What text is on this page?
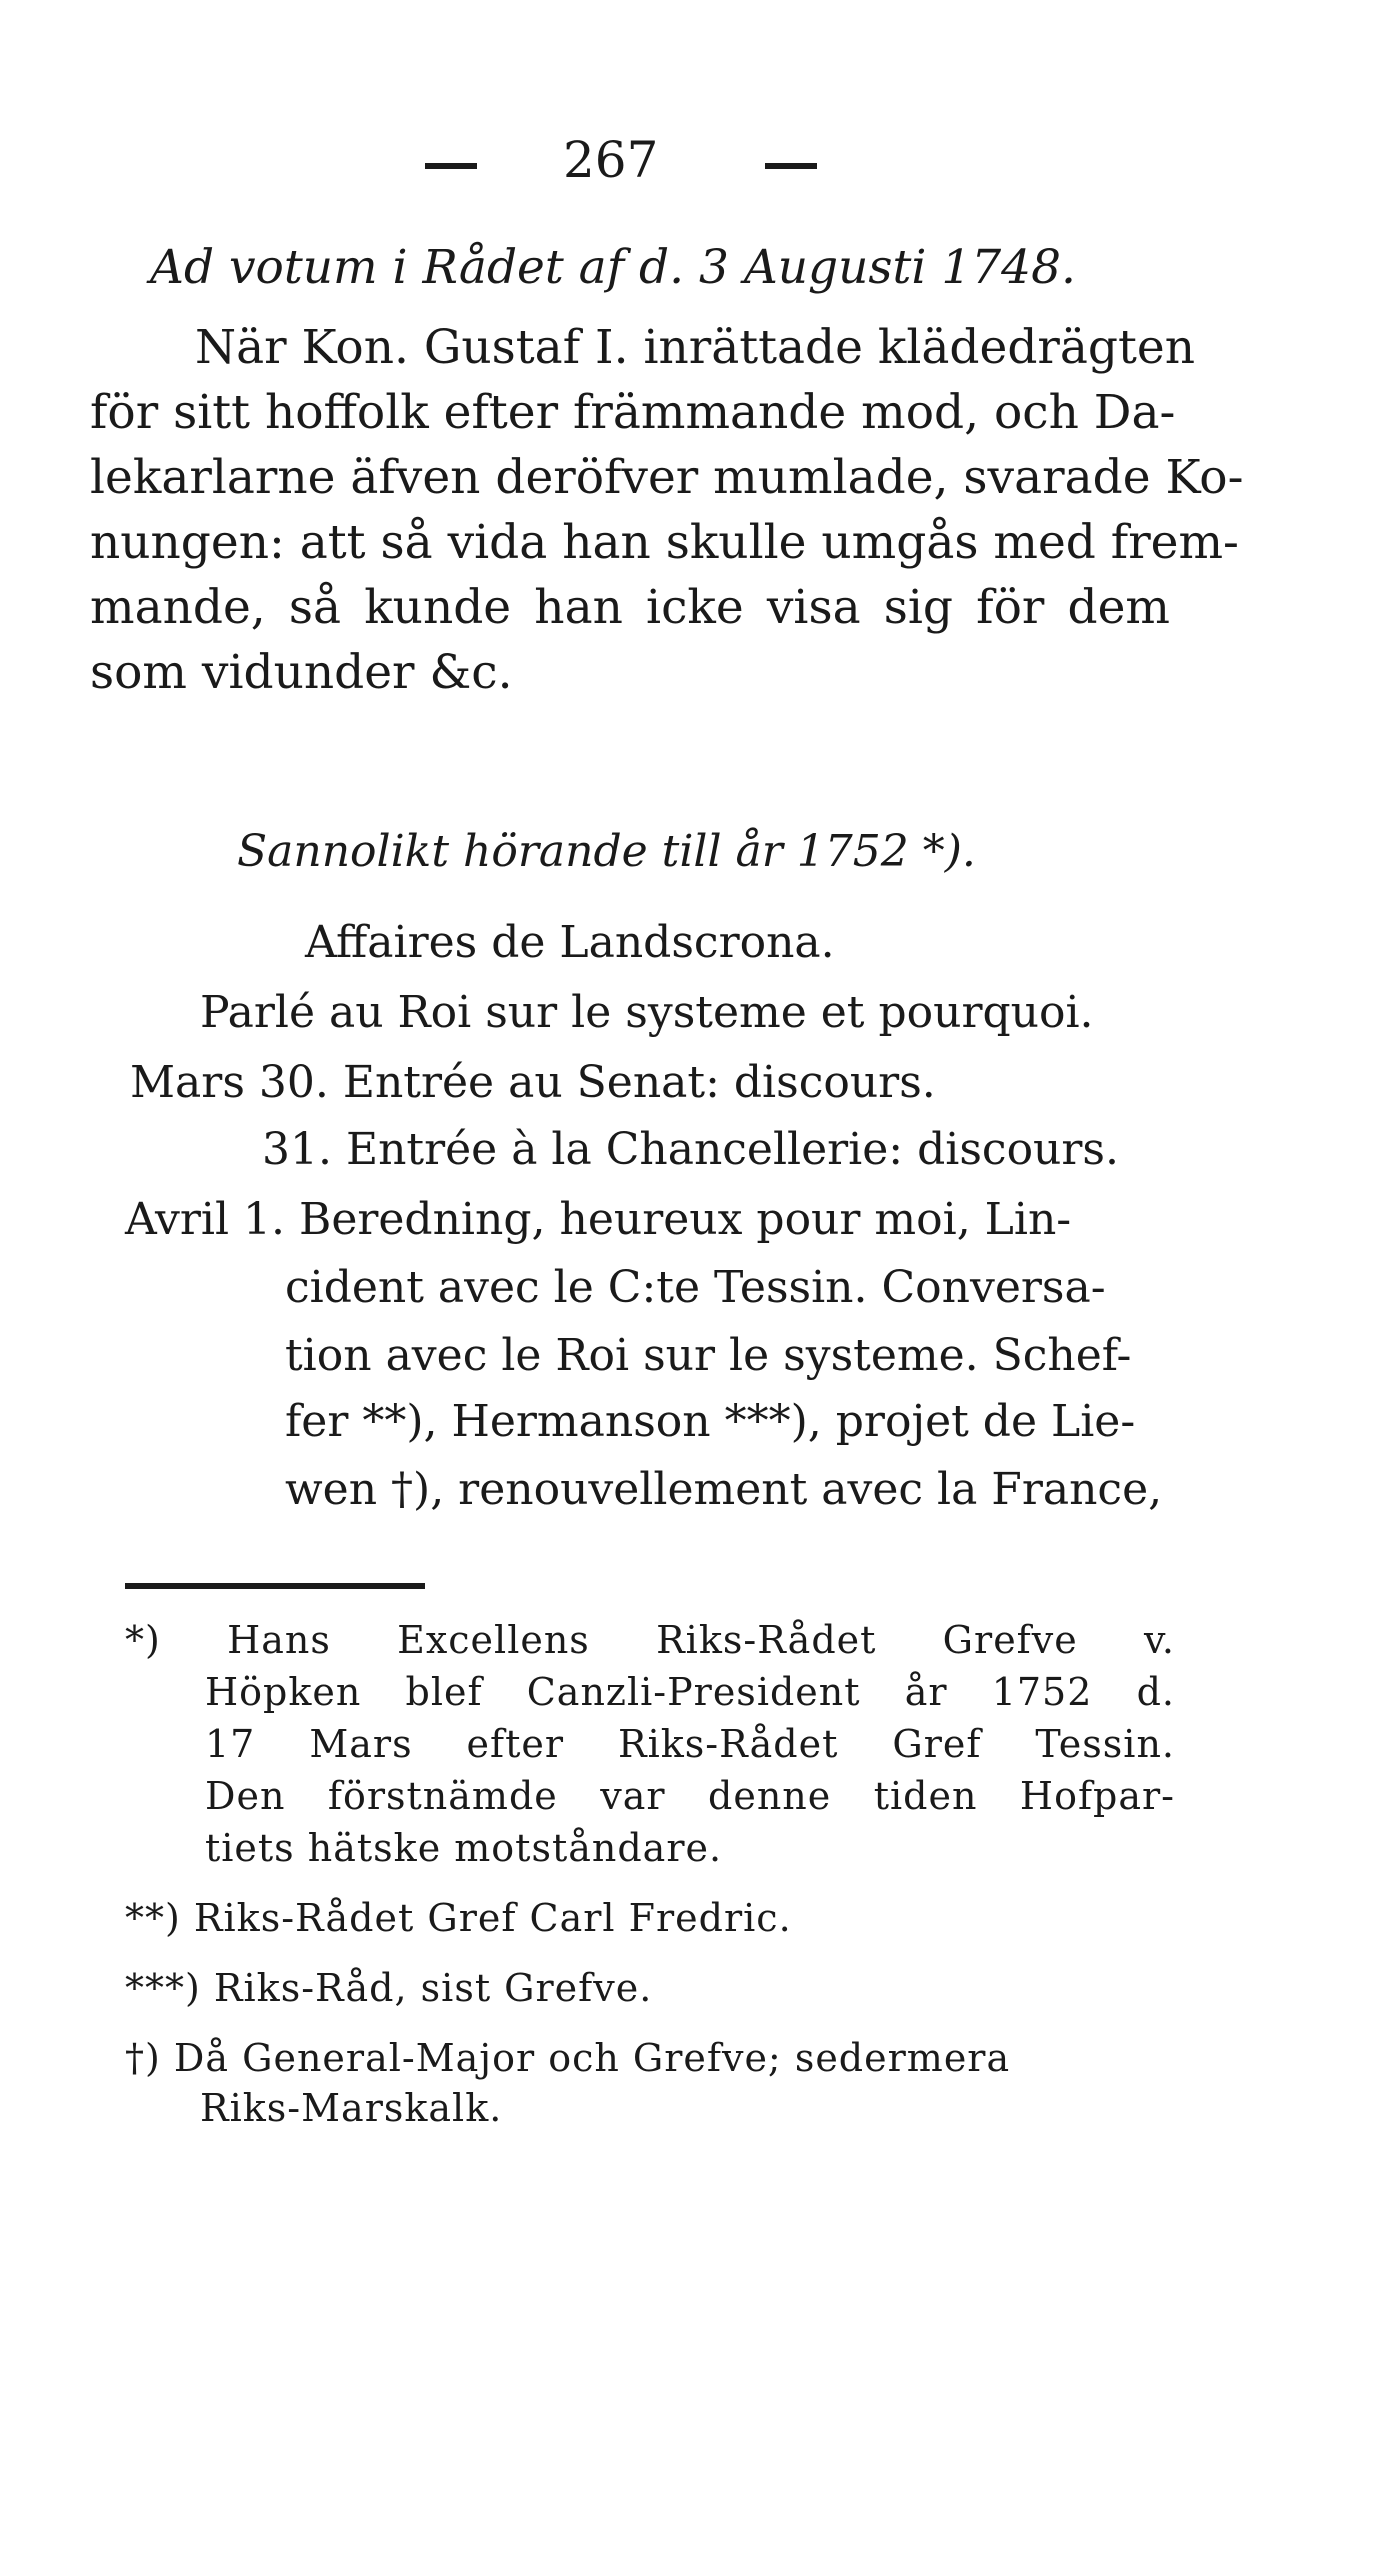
267
Ad votum i Rådet af d. 3 Augusti 1748.
När Kon. Gustaf I. inrättade klädedrägten
för sitt hoffolk efter främmande mod, och Da-
lekarlarne äfven deröfver mumlade, svarade Ko-
nungen: att så vida han skulle umgås med frem-
mande, så kunde han icke visa sig för dem
som vidunder &c.
Sannolikt hörande till år 1752 *).
Affaires de Landscrona.
Parlé au Roi sur le systeme et pourquoi.
Mars 30. Entrée au Senat: discours.
31. Entrée à la Chancellerie: discours.
Avril 1. Beredning, heureux pour moi, Lin-
cident avec le C:te Tessin. Conversa-
tion avec le Roi sur le systeme. Schef-
fer **), Hermanson ***), projet de Lie-
wen †), renouvellement avec la France,
*) Hans Excellens Riks-Rådet Grefve v.
Höpken blef Canzli-President år 1752 d.
17 Mars efter Riks-Rådet Gref Tessin.
Den förstnämde var denne tiden Hofpar-
tiets hätske motståndare.
**) Riks-Rådet Gref Carl Fredric.
***) Riks-Råd, sist Grefve.
†) Då General-Major och Grefve; sedermera
Riks-Marskalk.
